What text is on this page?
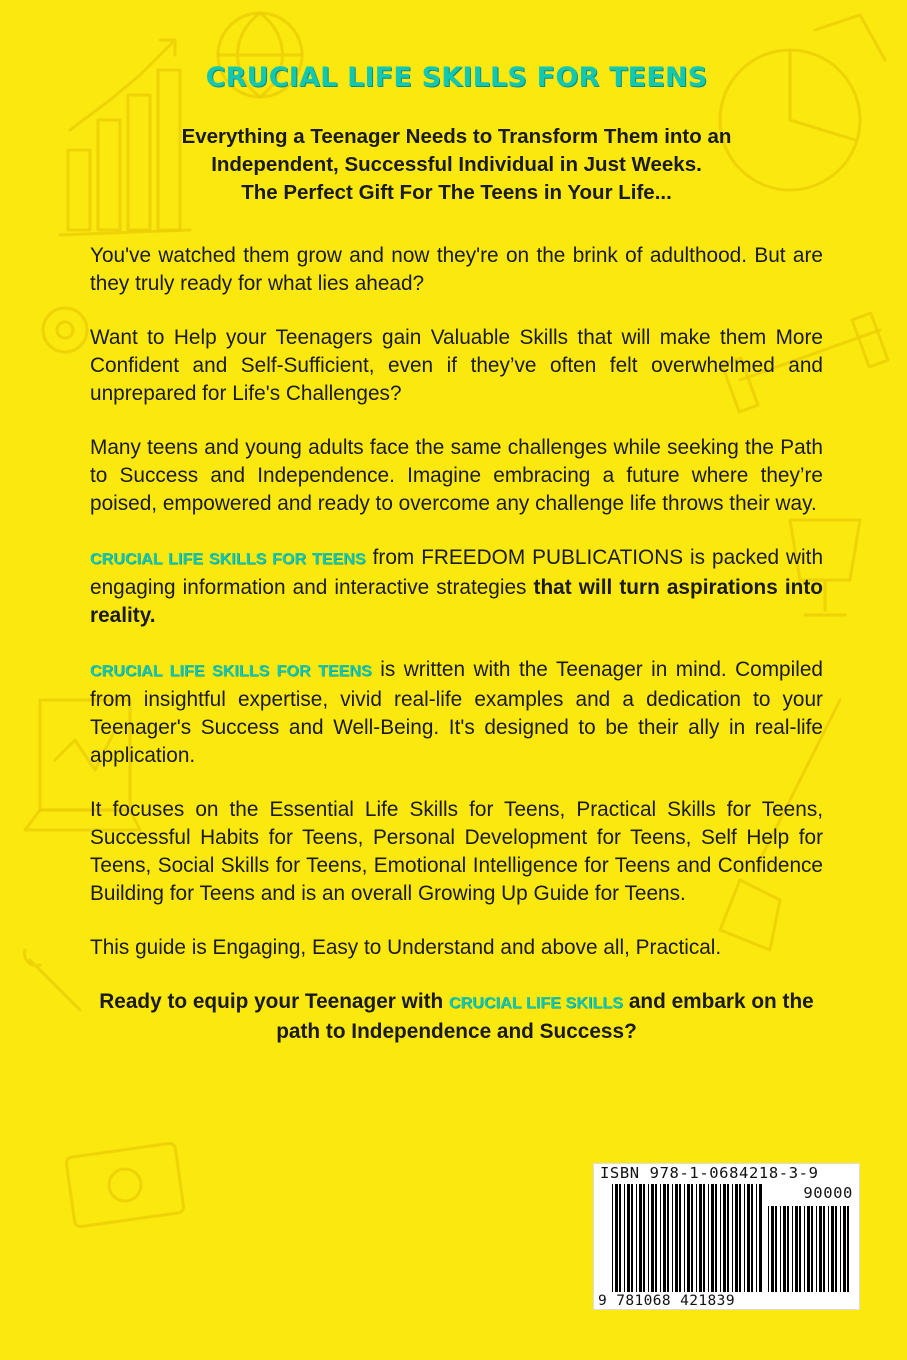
CRUCIAL LIFE SKILLS FOR TEENS
Everything a Teenager Needs to Transform Them into an
Independent, Successful Individual in Just Weeks.
The Perfect Gift For The Teens in Your Life...

You've watched them grow and now they're on the brink of adulthood. But are they truly ready for what lies ahead?

Want to Help your Teenagers gain Valuable Skills that will make them More Confident and Self-Sufficient, even if they’ve often felt overwhelmed and unprepared for Life's Challenges?

Many teens and young adults face the same challenges while seeking the Path to Success and Independence. Imagine embracing a future where they’re poised, empowered and ready to overcome any challenge life throws their way.

CRUCIAL LIFE SKILLS FOR TEENS from FREEDOM PUBLICATIONS is packed with engaging information and interactive strategies that will turn aspirations into reality.

CRUCIAL LIFE SKILLS FOR TEENS is written with the Teenager in mind. Compiled from insightful expertise, vivid real-life examples and a dedication to your Teenager's Success and Well-Being. It's designed to be their ally in real-life application.

It focuses on the Essential Life Skills for Teens, Practical Skills for Teens, Successful Habits for Teens, Personal Development for Teens, Self Help for Teens, Social Skills for Teens, Emotional Intelligence for Teens and Confidence Building for Teens and is an overall Growing Up Guide for Teens.

This guide is Engaging, Easy to Understand and above all, Practical.

Ready to equip your Teenager with CRUCIAL LIFE SKILLS and embark on the path to Independence and Success?

ISBN 978-1-0684218-3-9
90000
9 781068 421839
